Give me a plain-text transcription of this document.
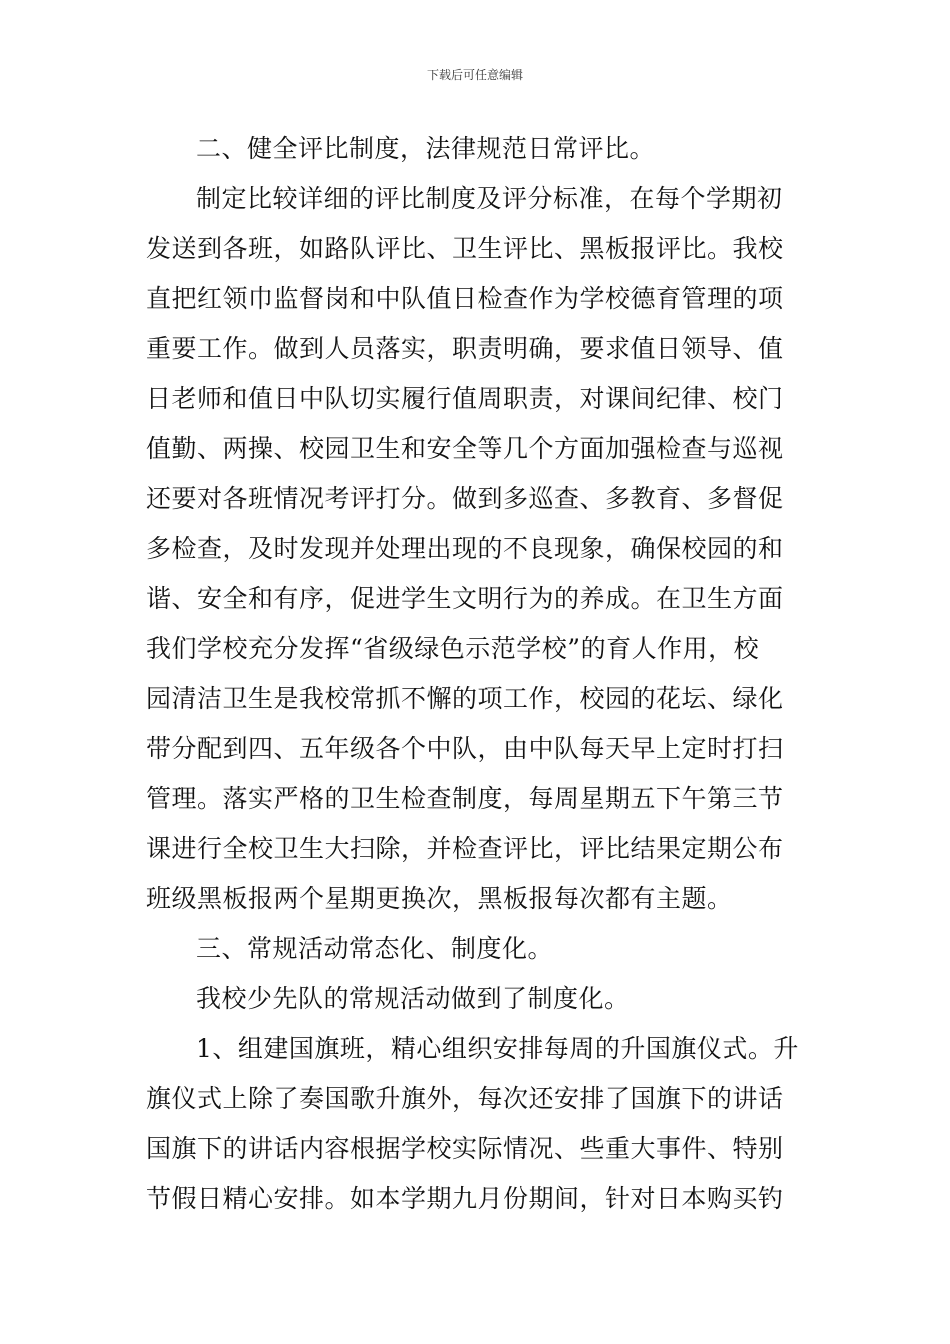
下载后可任意编辑
二、健全评比制度，法律规范日常评比。
制定比较详细的评比制度及评分标准，在每个学期初
发送到各班，如路队评比、卫生评比、黑板报评比。我校
直把红领巾监督岗和中队值日检查作为学校德育管理的项
重要工作。做到人员落实，职责明确，要求值日领导、值
日老师和值日中队切实履行值周职责，对课间纪律、校门
值勤、两操、校园卫生和安全等几个方面加强检查与巡视
还要对各班情况考评打分。做到多巡查、多教育、多督促
多检查，及时发现并处理出现的不良现象，确保校园的和
谐、安全和有序，促进学生文明行为的养成。在卫生方面
我们学校充分发挥“省级绿色示范学校”的育人作用，校
园清洁卫生是我校常抓不懈的项工作，校园的花坛、绿化
带分配到四、五年级各个中队，由中队每天早上定时打扫
管理。落实严格的卫生检查制度，每周星期五下午第三节
课进行全校卫生大扫除，并检查评比，评比结果定期公布
班级黑板报两个星期更换次，黑板报每次都有主题。
三、常规活动常态化、制度化。
我校少先队的常规活动做到了制度化。
1、组建国旗班，精心组织安排每周的升国旗仪式。升
旗仪式上除了奏国歌升旗外，每次还安排了国旗下的讲话
国旗下的讲话内容根据学校实际情况、些重大事件、特别
节假日精心安排。如本学期九月份期间，针对日本购买钓
